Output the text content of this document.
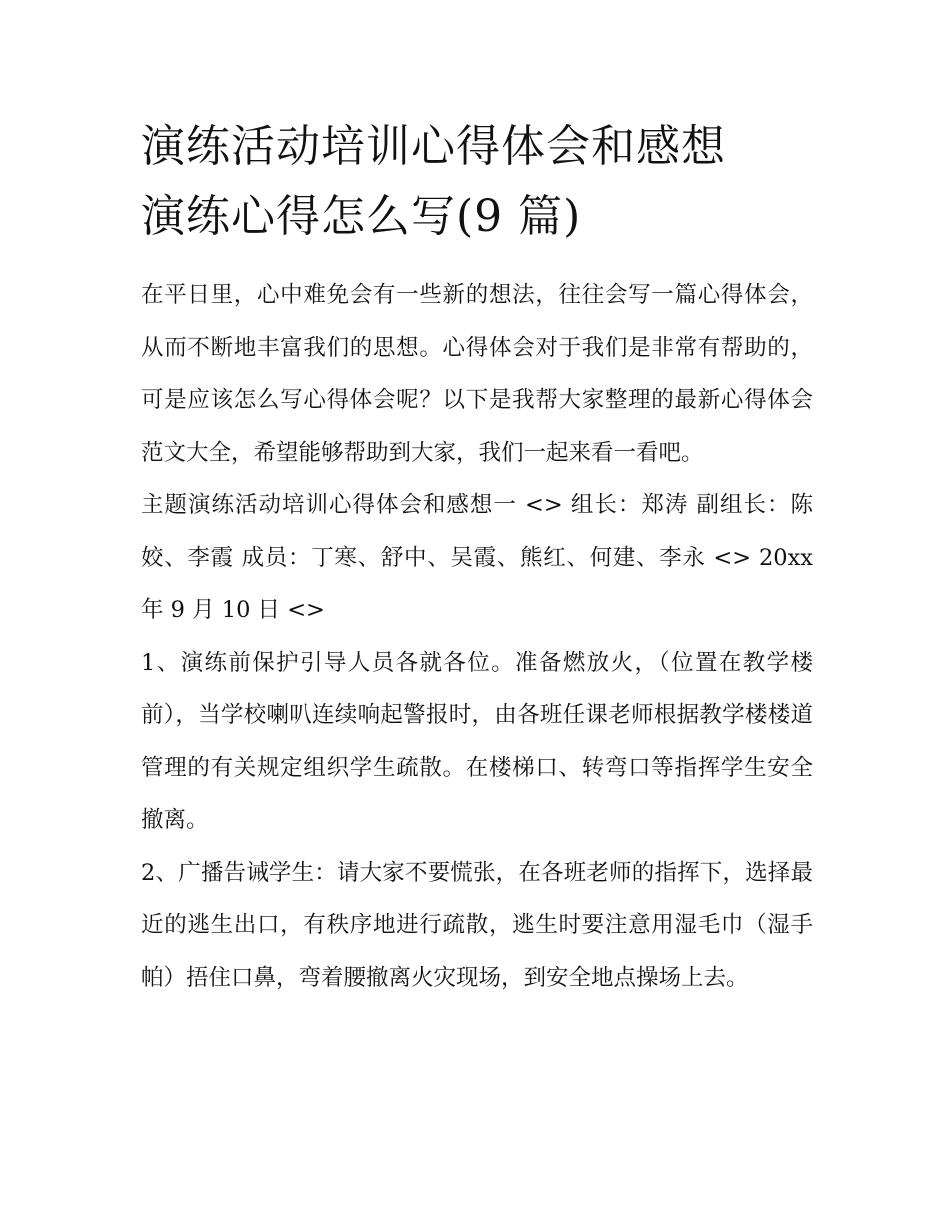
演练活动培训心得体会和感想
演练心得怎么写(9 篇)

在平日里，心中难免会有一些新的想法，往往会写一篇心得体会，从而不断地丰富我们的思想。心得体会对于我们是非常有帮助的，可是应该怎么写心得体会呢？以下是我帮大家整理的最新心得体会范文大全，希望能够帮助到大家，我们一起来看一看吧。

主题演练活动培训心得体会和感想一 <> 组长：郑涛 副组长：陈姣、李霞 成员：丁寒、舒中、吴霞、熊红、何建、李永 <> 20xx 年 9 月 10 日 <>

1、演练前保护引导人员各就各位。准备燃放火，（位置在教学楼前），当学校喇叭连续响起警报时，由各班任课老师根据教学楼楼道管理的有关规定组织学生疏散。在楼梯口、转弯口等指挥学生安全撤离。

2、广播告诫学生：请大家不要慌张，在各班老师的指挥下，选择最近的逃生出口，有秩序地进行疏散，逃生时要注意用湿毛巾（湿手帕）捂住口鼻，弯着腰撤离火灾现场，到安全地点操场上去。
